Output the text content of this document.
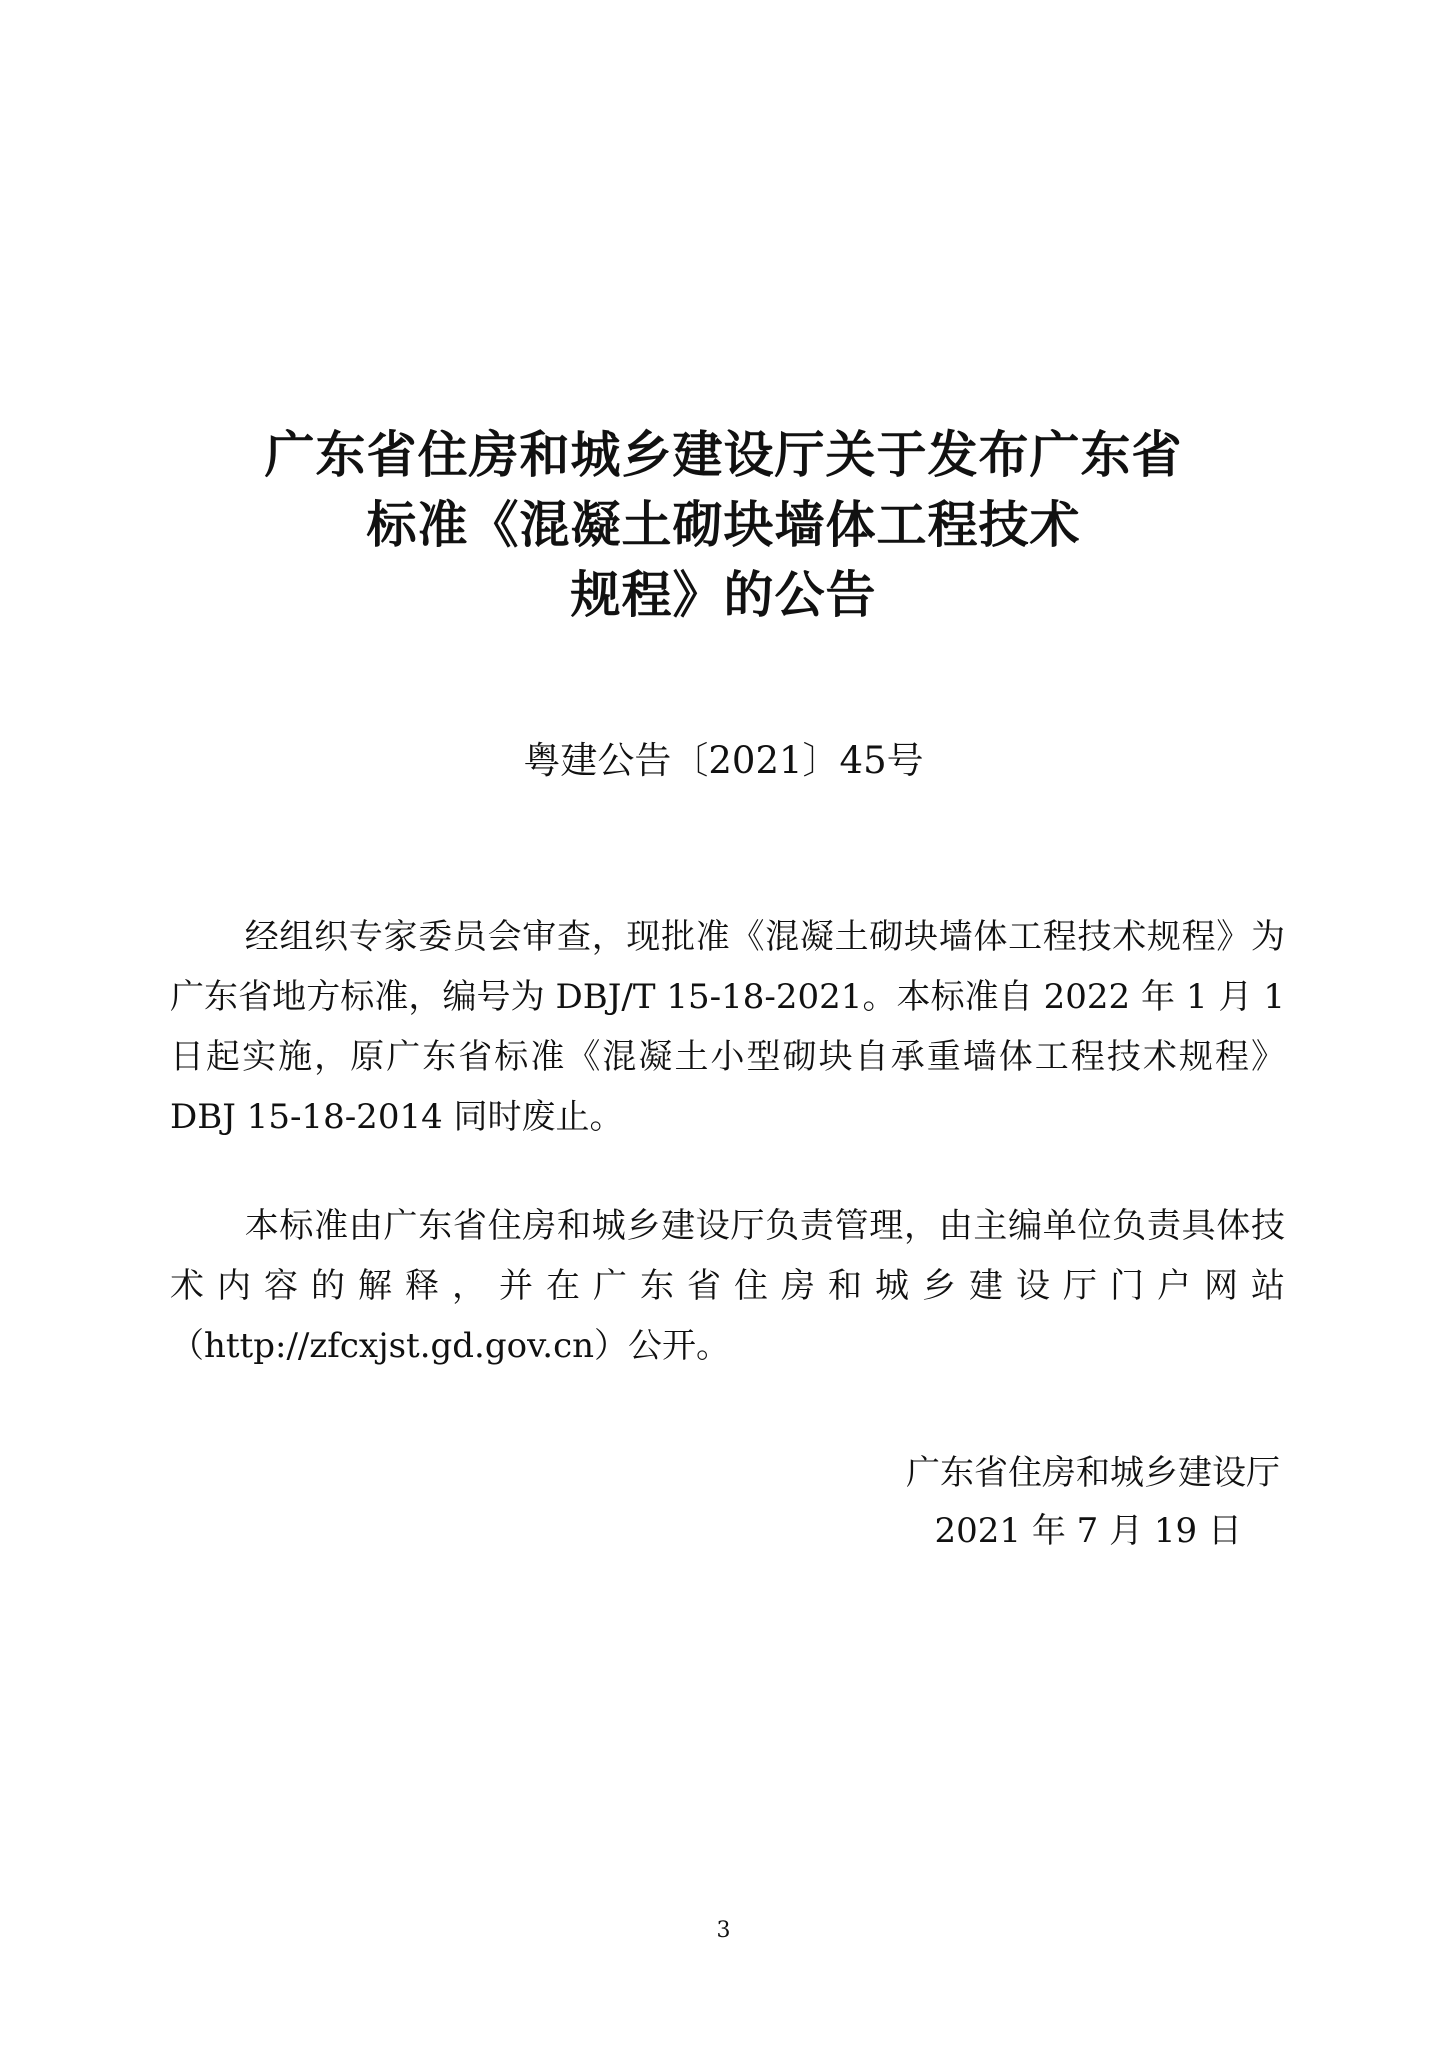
广东省住房和城乡建设厅关于发布广东省
标准《混凝土砌块墙体工程技术
规程》的公告
粤建公告〔2021〕45号

经组织专家委员会审查，现批准《混凝土砌块墙体工程技术规程》为广东省地方标准，编号为 DBJ/T 15-18-2021。本标准自 2022 年 1 月 1 日起实施，原广东省标准《混凝土小型砌块自承重墙体工程技术规程》DBJ 15-18-2014 同时废止。

本标准由广东省住房和城乡建设厅负责管理，由主编单位负责具体技术内容的解释，并在广东省住房和城乡建设厅门户网站（http://zfcxjst.gd.gov.cn）公开。

广东省住房和城乡建设厅
2021 年 7 月 19 日
3
